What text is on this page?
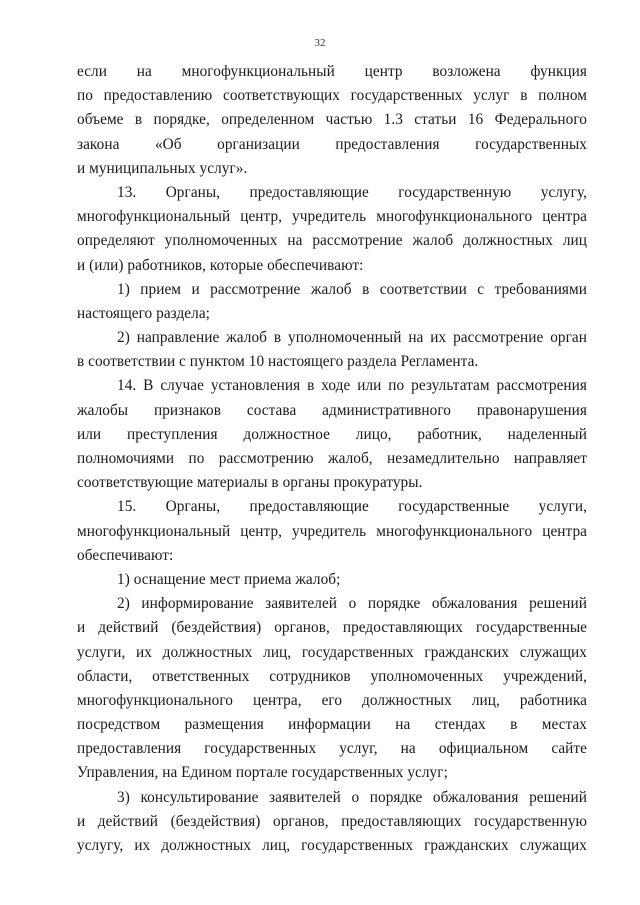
32
если на многофункциональный центр возложена функция
по предоставлению соответствующих государственных услуг в полном
объеме в порядке, определенном частью 1.3 статьи 16 Федерального
закона «Об организации предоставления государственных
и муниципальных услуг».
13. Органы, предоставляющие государственную услугу,
многофункциональный центр, учредитель многофункционального центра
определяют уполномоченных на рассмотрение жалоб должностных лиц
и (или) работников, которые обеспечивают:
1) прием и рассмотрение жалоб в соответствии с требованиями
настоящего раздела;
2) направление жалоб в уполномоченный на их рассмотрение орган
в соответствии с пунктом 10 настоящего раздела Регламента.
14. В случае установления в ходе или по результатам рассмотрения
жалобы признаков состава административного правонарушения
или преступления должностное лицо, работник, наделенный
полномочиями по рассмотрению жалоб, незамедлительно направляет
соответствующие материалы в органы прокуратуры.
15. Органы, предоставляющие государственные услуги,
многофункциональный центр, учредитель многофункционального центра
обеспечивают:
1) оснащение мест приема жалоб;
2) информирование заявителей о порядке обжалования решений
и действий (бездействия) органов, предоставляющих государственные
услуги, их должностных лиц, государственных гражданских служащих
области, ответственных сотрудников уполномоченных учреждений,
многофункционального центра, его должностных лиц, работника
посредством размещения информации на стендах в местах
предоставления государственных услуг, на официальном сайте
Управления, на Едином портале государственных услуг;
3) консультирование заявителей о порядке обжалования решений
и действий (бездействия) органов, предоставляющих государственную
услугу, их должностных лиц, государственных гражданских служащих
